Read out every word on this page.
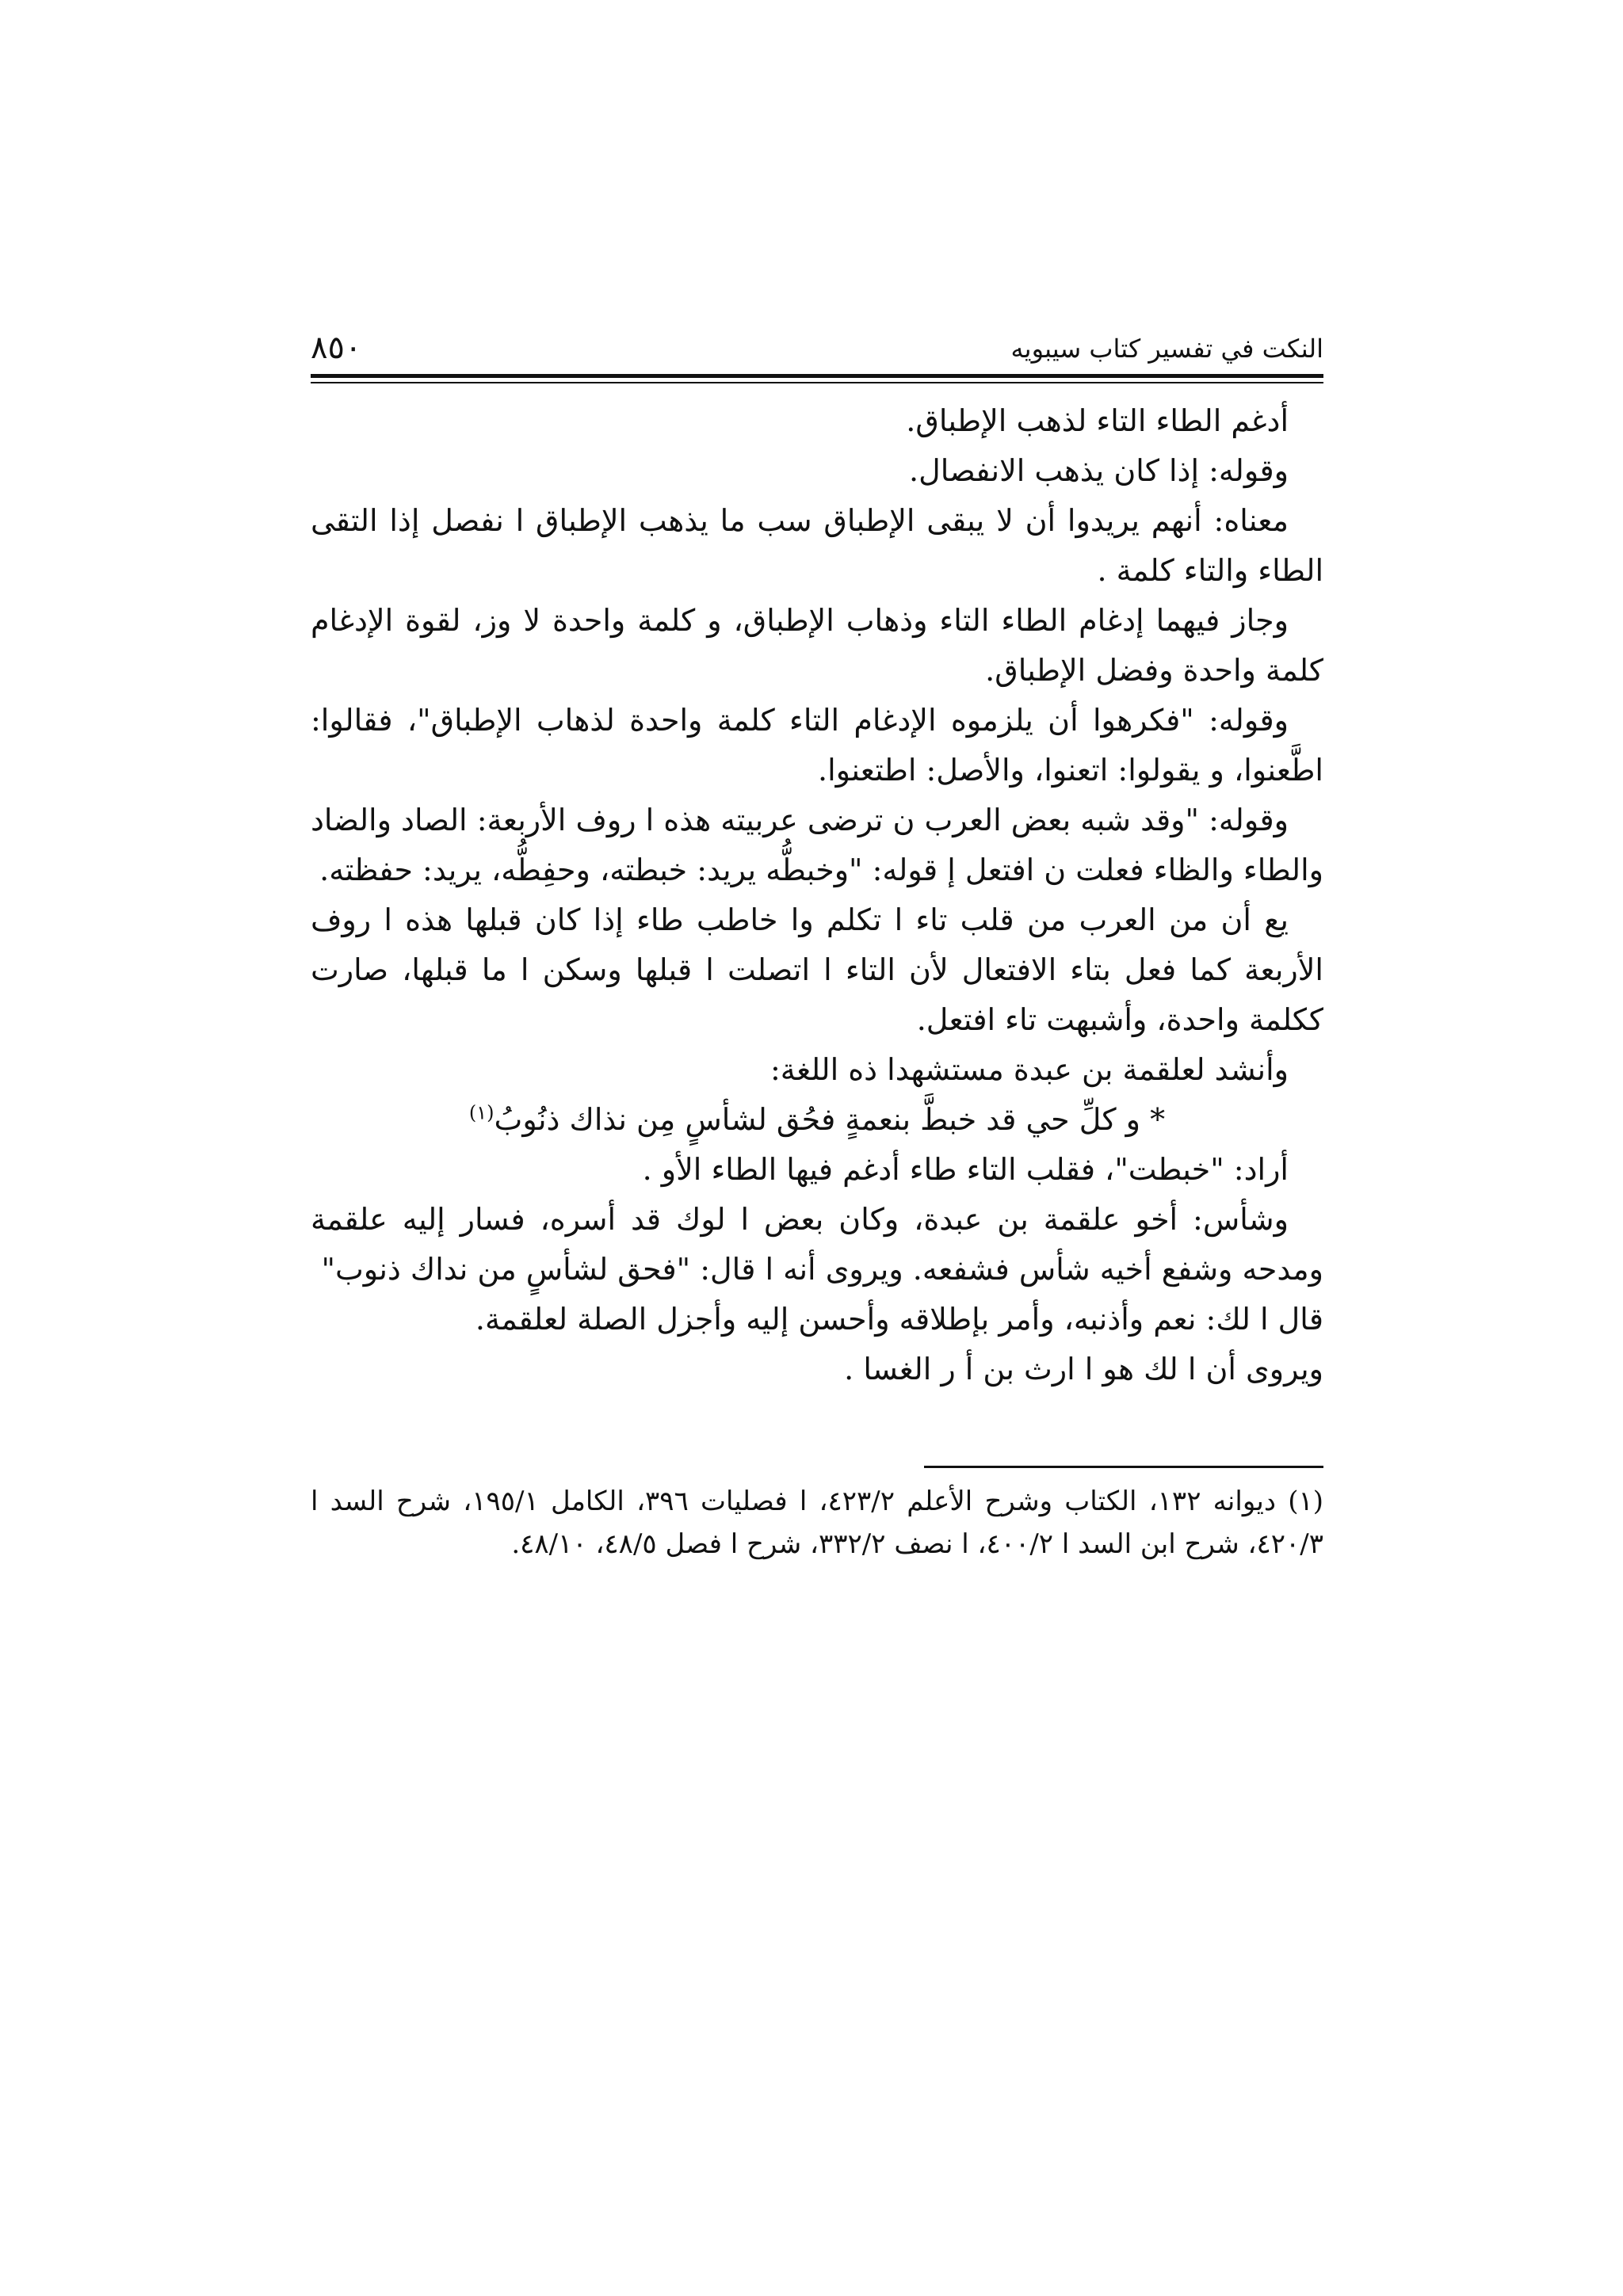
٨٥٠	النكت في تفسير كتاب سيبويه

أدغم الطاء التاء لذهب الإطباق.

وقوله: إذا كان يذهب الانفصال.

معناه: أنهم يريدوا أن لا يبقى الإطباق سب ما يذهب الإطباق ا نفصل إذا التقى الطاء والتاء كلمة .

وجاز فيهما إدغام الطاء التاء وذهاب الإطباق، و كلمة واحدة لا وز، لقوة الإدغام كلمة واحدة وفضل الإطباق.

وقوله: "فكرهوا أن يلزموه الإدغام التاء كلمة واحدة لذهاب الإطباق"، فقالوا: اطَّعنوا، و يقولوا: اتعنوا، والأصل: اطتعنوا.

وقوله: "وقد شبه بعض العرب ن ترضى عربيته هذه ا روف الأربعة: الصاد والضاد والطاء والظاء فعلت ن افتعل إ قوله: "وخبطُّه يريد: خبطته، وحفِطُّه، يريد: حفظته.

يع أن من العرب من قلب تاء ا تكلم وا خاطب طاء إذا كان قبلها هذه ا روف الأربعة كما فعل بتاء الافتعال لأن التاء ا اتصلت ا قبلها وسكن ا ما قبلها، صارت ككلمة واحدة، وأشبهت تاء افتعل.

وأنشد لعلقمة بن عبدة مستشهدا ذه اللغة:

* و كلِّ حي قد خبطَّ بنعمةٍ فحُق لشأسٍ مِن نذاك ذنُوبُ$^{(١)}$

أراد: "خبطت"، فقلب التاء طاء أدغم فيها الطاء الأو .

وشأس: أخو علقمة بن عبدة، وكان بعض ا لوك قد أسره، فسار إليه علقمة ومدحه وشفع أخيه شأس فشفعه. ويروى أنه ا قال: "فحق لشأسٍ من نداك ذنوب"

قال ا لك: نعم وأذنبه، وأمر بإطلاقه وأحسن إليه وأجزل الصلة لعلقمة.

ويروى أن ا لك هو ا ارث بن أ ر الغسا .

(١) ديوانه ١٣٢، الكتاب وشرح الأعلم ٤٢٣/٢، ا فصليات ٣٩٦، الكامل ١٩٥/١، شرح السد ا ٤٢٠/٣، شرح ابن السد ا ٤٠٠/٢، ا نصف ٣٣٢/٢، شرح ا فصل ٤٨/٥، ٤٨/١٠.
